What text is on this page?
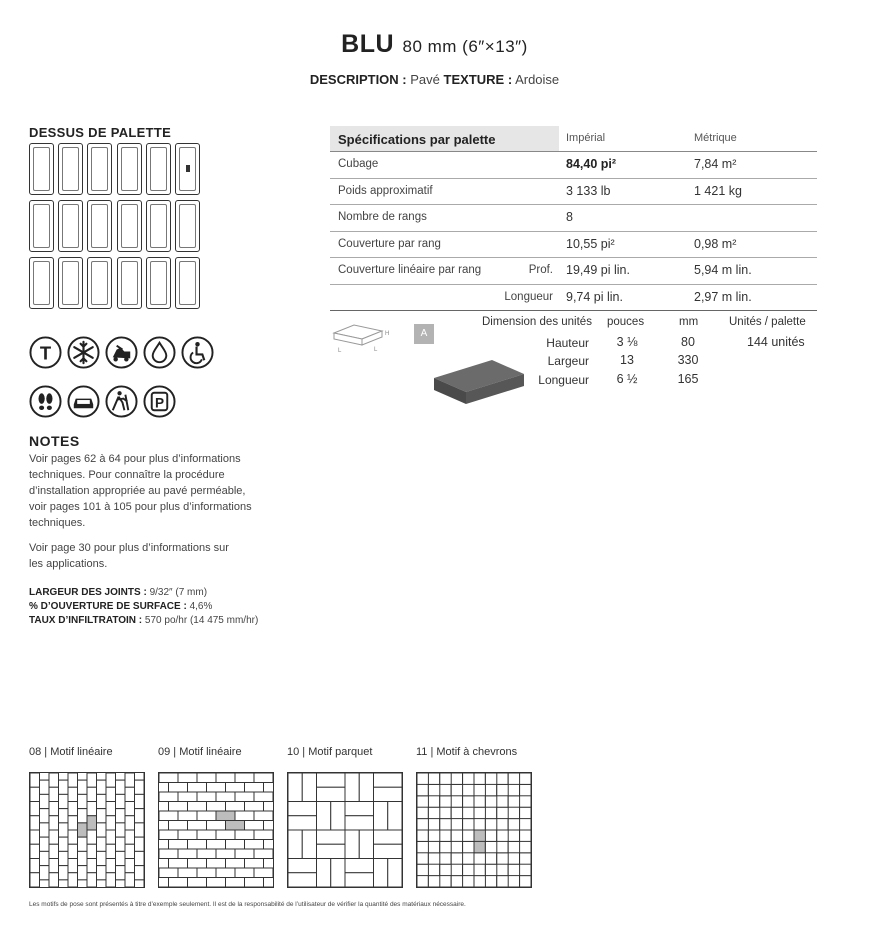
BLU 80 mm (6″×13″)
DESCRIPTION : Pavé TEXTURE : Ardoise
DESSUS DE PALETTE	Spécifications par palette	Impérial	Métrique
Cubage	84,40 pi²	7,84 m²
Poids approximatif	3 133 lb	1 421 kg
Nombre de rangs	8
Couverture par rang	10,55 pi²	0,98 m²
Couverture linéaire par rang	Prof. 19,49 pi lin.	5,94 m lin.
Longueur 9,74 pi lin.	2,97 m lin.
H
L	L
A
Dimension des unités pouces	mm	Unités / palette
Hauteur	3 ⅛	80	144 unités
Largeur	13	330
Longueur	6 ½	165
T
P
NOTES
Voir pages 62 à 64 pour plus d’informations techniques. Pour connaître la procédure d’installation appropriée au pavé perméable, voir pages 101 à 105 pour plus d’informations techniques.
Voir page 30 pour plus d’informations sur les applications.
LARGEUR DES JOINTS : 9/32″ (7 mm)
% D’OUVERTURE DE SURFACE : 4,6%
TAUX D’INFILTRATOIN : 570 po/hr (14 475 mm/hr)
08 | Motif linéaire	09 | Motif linéaire	10 | Motif parquet	11 | Motif à chevrons
Les motifs de pose sont présentés à titre d’exemple seulement. Il est de la responsabilité de l’utilisateur de vérifier la quantité des matériaux nécessaire.
